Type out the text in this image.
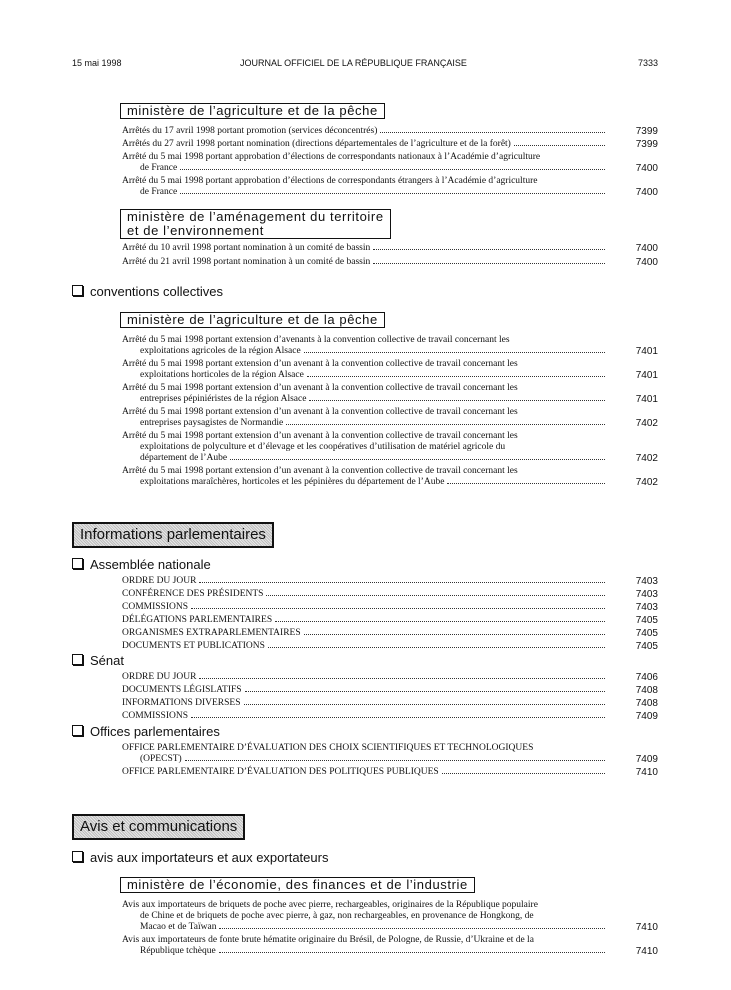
15 mai 1998	JOURNAL OFFICIEL DE LA RÉPUBLIQUE FRANÇAISE	7333
ministère de l’agriculture et de la pêche
Arrêtés du 17 avril 1998 portant promotion (services déconcentrés)	7399
Arrêtés du 27 avril 1998 portant nomination (directions départementales de l’agriculture et de la forêt)	7399
Arrêté du 5 mai 1998 portant approbation d’élections de correspondants nationaux à l’Académie d’agriculture
de France	7400
Arrêté du 5 mai 1998 portant approbation d’élections de correspondants étrangers à l’Académie d’agriculture
de France	7400
ministère de l’aménagement du territoire
et de l’environnement
Arrêté du 10 avril 1998 portant nomination à un comité de bassin	7400
Arrêté du 21 avril 1998 portant nomination à un comité de bassin	7400
conventions collectives
ministère de l’agriculture et de la pêche
Arrêté du 5 mai 1998 portant extension d’avenants à la convention collective de travail concernant les
exploitations agricoles de la région Alsace	7401
Arrêté du 5 mai 1998 portant extension d’un avenant à la convention collective de travail concernant les
exploitations horticoles de la région Alsace	7401
Arrêté du 5 mai 1998 portant extension d’un avenant à la convention collective de travail concernant les
entreprises pépiniéristes de la région Alsace	7401
Arrêté du 5 mai 1998 portant extension d’un avenant à la convention collective de travail concernant les
entreprises paysagistes de Normandie	7402
Arrêté du 5 mai 1998 portant extension d’un avenant à la convention collective de travail concernant les
exploitations de polyculture et d’élevage et les coopératives d’utilisation de matériel agricole du
département de l’Aube	7402
Arrêté du 5 mai 1998 portant extension d’un avenant à la convention collective de travail concernant les
exploitations maraîchères, horticoles et les pépinières du département de l’Aube	7402
Informations parlementaires
Assemblée nationale
ORDRE DU JOUR	7403
CONFÉRENCE DES PRÉSIDENTS	7403
COMMISSIONS	7403
DÉLÉGATIONS PARLEMENTAIRES	7405
ORGANISMES EXTRAPARLEMENTAIRES	7405
DOCUMENTS ET PUBLICATIONS	7405
Sénat
ORDRE DU JOUR	7406
DOCUMENTS LÉGISLATIFS	7408
INFORMATIONS DIVERSES	7408
COMMISSIONS	7409
Offices parlementaires
OFFICE PARLEMENTAIRE D’ÉVALUATION DES CHOIX SCIENTIFIQUES ET TECHNOLOGIQUES
(OPECST)	7409
OFFICE PARLEMENTAIRE D’ÉVALUATION DES POLITIQUES PUBLIQUES	7410
Avis et communications
avis aux importateurs et aux exportateurs
ministère de l’économie, des finances et de l’industrie
Avis aux importateurs de briquets de poche avec pierre, rechargeables, originaires de la République populaire
de Chine et de briquets de poche avec pierre, à gaz, non rechargeables, en provenance de Hongkong, de
Macao et de Taïwan	7410
Avis aux importateurs de fonte brute hématite originaire du Brésil, de Pologne, de Russie, d’Ukraine et de la
République tchèque	7410
